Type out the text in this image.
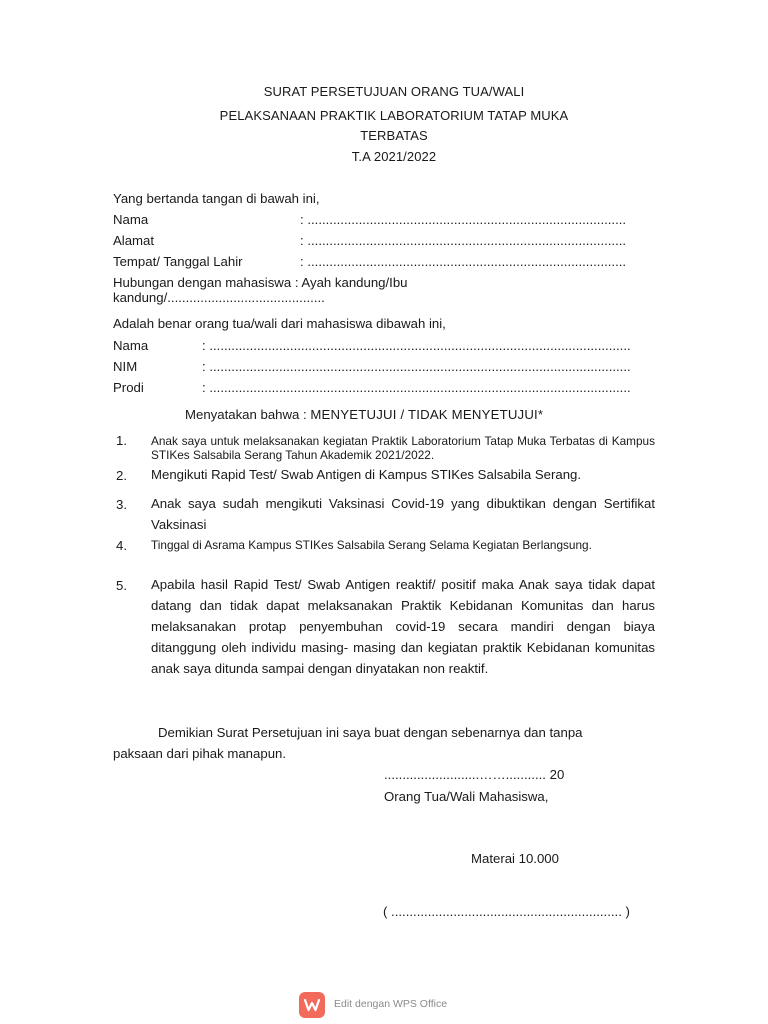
SURAT PERSETUJUAN ORANG TUA/WALI
PELAKSANAAN PRAKTIK LABORATORIUM TATAP MUKA
TERBATAS
T.A 2021/2022
Yang bertanda tangan di bawah ini,
Nama	: .......................................................................................
Alamat	: .......................................................................................
Tempat/ Tanggal Lahir	: .......................................................................................
Hubungan dengan mahasiswa : Ayah kandung/Ibu
kandung/...........................................
Adalah benar orang tua/wali dari mahasiswa dibawah ini,
Nama	: ...................................................................................................................
NIM	: ...................................................................................................................
Prodi	: ...................................................................................................................
Menyatakan bahwa : MENYETUJUI / TIDAK MENYETUJUI*
1. Anak saya untuk melaksanakan kegiatan Praktik Laboratorium Tatap Muka Terbatas di Kampus STIKes Salsabila Serang Tahun Akademik 2021/2022.
2. Mengikuti Rapid Test/ Swab Antigen di Kampus STIKes Salsabila Serang.
3. Anak saya sudah mengikuti Vaksinasi Covid-19 yang dibuktikan dengan Sertifikat Vaksinasi
4. Tinggal di Asrama Kampus STIKes Salsabila Serang Selama Kegiatan Berlangsung.
5. Apabila hasil Rapid Test/ Swab Antigen reaktif/ positif maka Anak saya tidak dapat datang dan tidak dapat melaksanakan Praktik Kebidanan Komunitas dan harus melaksanakan protap penyembuhan covid-19 secara mandiri dengan biaya ditanggung oleh individu masing- masing dan kegiatan praktik Kebidanan komunitas anak saya ditunda sampai dengan dinyatakan non reaktif.
Demikian Surat Persetujuan ini saya buat dengan sebenarnya dan tanpa
paksaan dari pihak manapun.
..........................……........... 20
Orang Tua/Wali Mahasiswa,
Materai 10.000
( ............................................................... )
Edit dengan WPS Office
